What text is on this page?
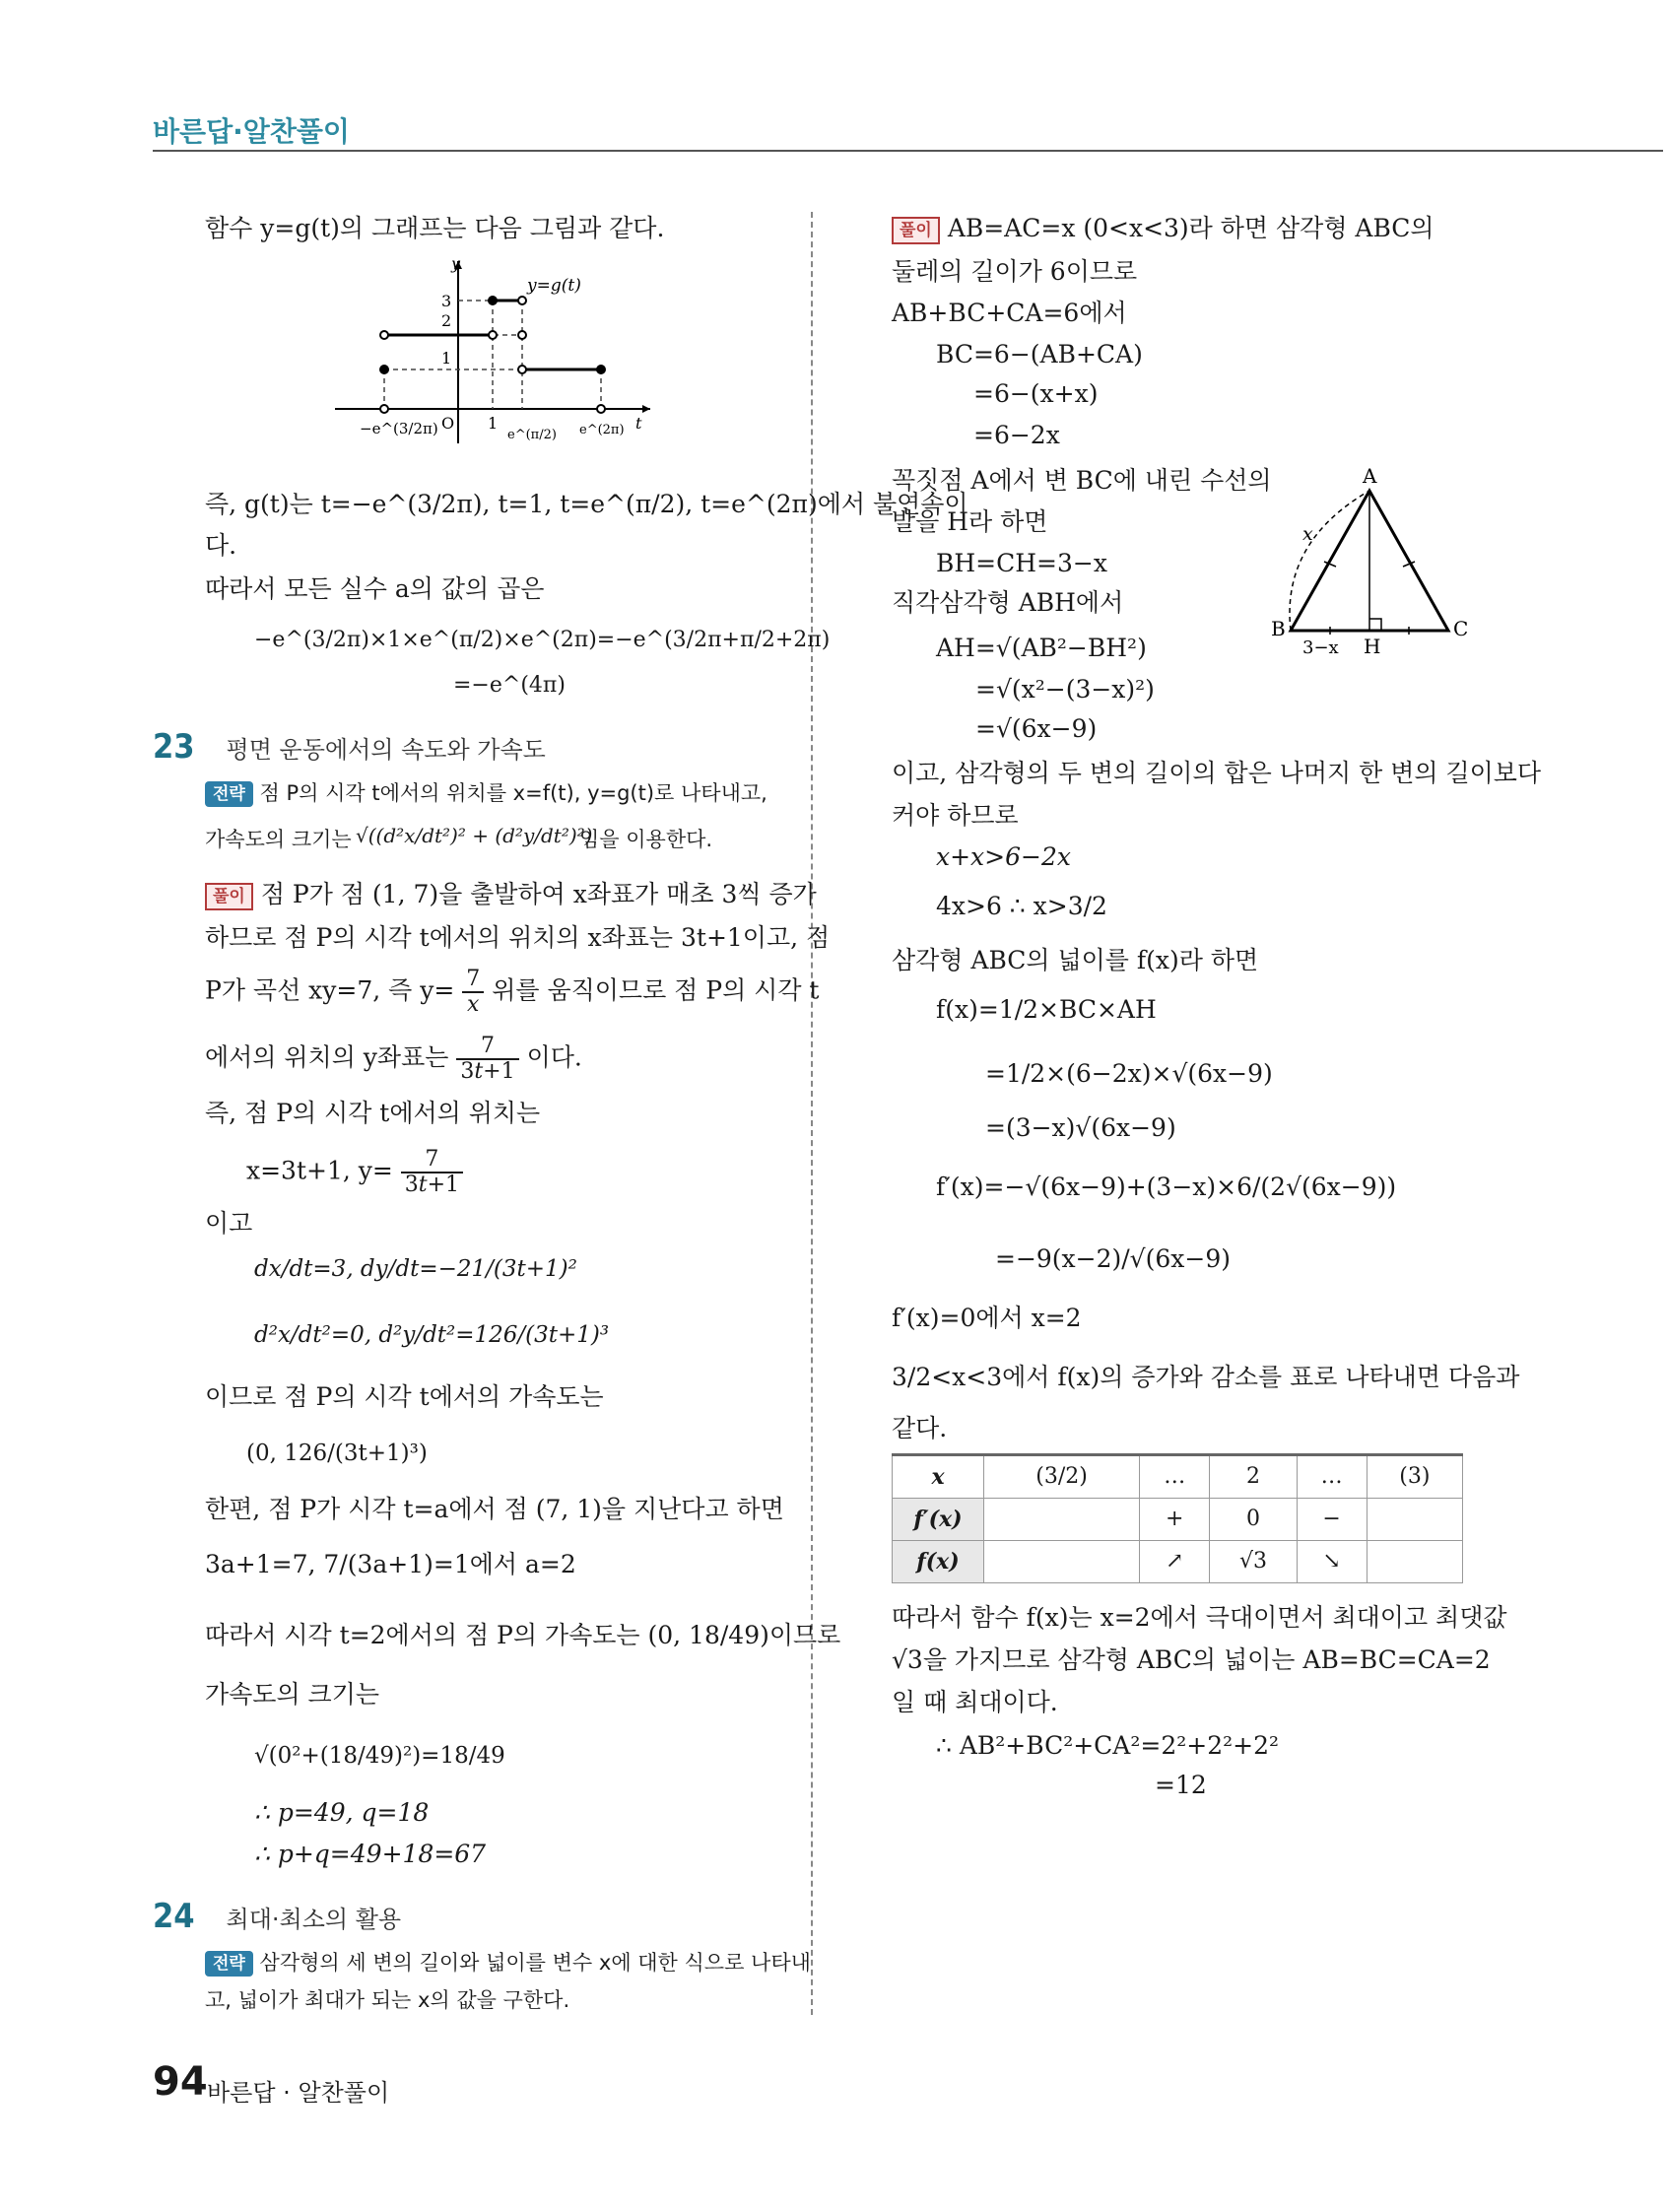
바른답·알찬풀이
함수 y=g(t)의 그래프는 다음 그림과 같다.
y
t
y=g(t)
3
2
1
−e^(3/2π) O 1
e^(π/2) e^(2π)
즉, g(t)는 t=−e^(3/2π), t=1, t=e^(π/2), t=e^(2π)에서 불연속이
다.
따라서 모든 실수 a의 값의 곱은
−e^(3/2π)×1×e^(π/2)×e^(2π)=−e^(3/2π+π/2+2π)
=−e^(4π)
23 평면 운동에서의 속도와 가속도
전략 점 P의 시각 t에서의 위치를 x=f(t), y=g(t)로 나타내고,
가속도의 크기는 √((d²x/dt²)² + (d²y/dt²)²)
임을 이용한다.
풀이 점 P가 점 (1, 7)을 출발하여 x좌표가 매초 3씩 증가
하므로 점 P의 시각 t에서의 위치의 x좌표는 3t+1이고, 점
P가 곡선 xy=7, 즉 $y= \frac{7}{x}$ 위를 움직이므로 점 P의 시각 t
에서의 위치의 y좌표는 $\frac{7}{3t+1}$ 이다.
즉, 점 P의 시각 t에서의 위치는
x=3t+1, $y= \frac{7}{3t+1}$
이고
dx/dt=3, dy/dt=−21/(3t+1)²
d²x/dt²=0, d²y/dt²=126/(3t+1)³
이므로 점 P의 시각 t에서의 가속도는
(0, 126/(3t+1)³)
한편, 점 P가 시각 t=a에서 점 (7, 1)을 지난다고 하면
3a+1=7, 7/(3a+1)=1에서 a=2
따라서 시각 t=2에서의 점 P의 가속도는 (0, 18/49)이므로
가속도의 크기는
√(0²+(18/49)²)=18/49
∴ p=49, q=18
∴ p+q=49+18=67
24 최대·최소의 활용
전략 삼각형의 세 변의 길이와 넓이를 변수 x에 대한 식으로 나타내
고, 넓이가 최대가 되는 x의 값을 구한다.
풀이 AB=AC=x (0<x<3)라 하면 삼각형 ABC의
둘레의 길이가 6이므로
AB+BC+CA=6에서
BC=6−(AB+CA)
=6−(x+x)
=6−2x
꼭짓점 A에서 변 BC에 내린 수선의
발을 H라 하면
BH=CH=3−x
직각삼각형 ABH에서
AH=√(AB²−BH²)
=√(x²−(3−x)²)
=√(6x−9)
A
B	C
H
x
3−x
이고, 삼각형의 두 변의 길이의 합은 나머지 한 변의 길이보다
커야 하므로
x+x>6−2x
4x>6 ∴ x>3/2
삼각형 ABC의 넓이를 f(x)라 하면
f(x)=1/2×BC×AH
=1/2×(6−2x)×√(6x−9)
=(3−x)√(6x−9)
f′(x)=−√(6x−9)+(3−x)×6/(2√(6x−9))
=−9(x−2)/√(6x−9)
f′(x)=0에서 x=2
3/2<x<3에서 f(x)의 증가와 감소를 표로 나타내면 다음과
같다.
x	(3/2)	…	2	…	(3)
f′(x)		+	0	−	
f(x)		↗	√3	↘	
따라서 함수 f(x)는 x=2에서 극대이면서 최대이고 최댓값
√3을 가지므로 삼각형 ABC의 넓이는 AB=BC=CA=2
일 때 최대이다.
∴ AB²+BC²+CA²=2²+2²+2²
=12
94 바른답 · 알찬풀이
